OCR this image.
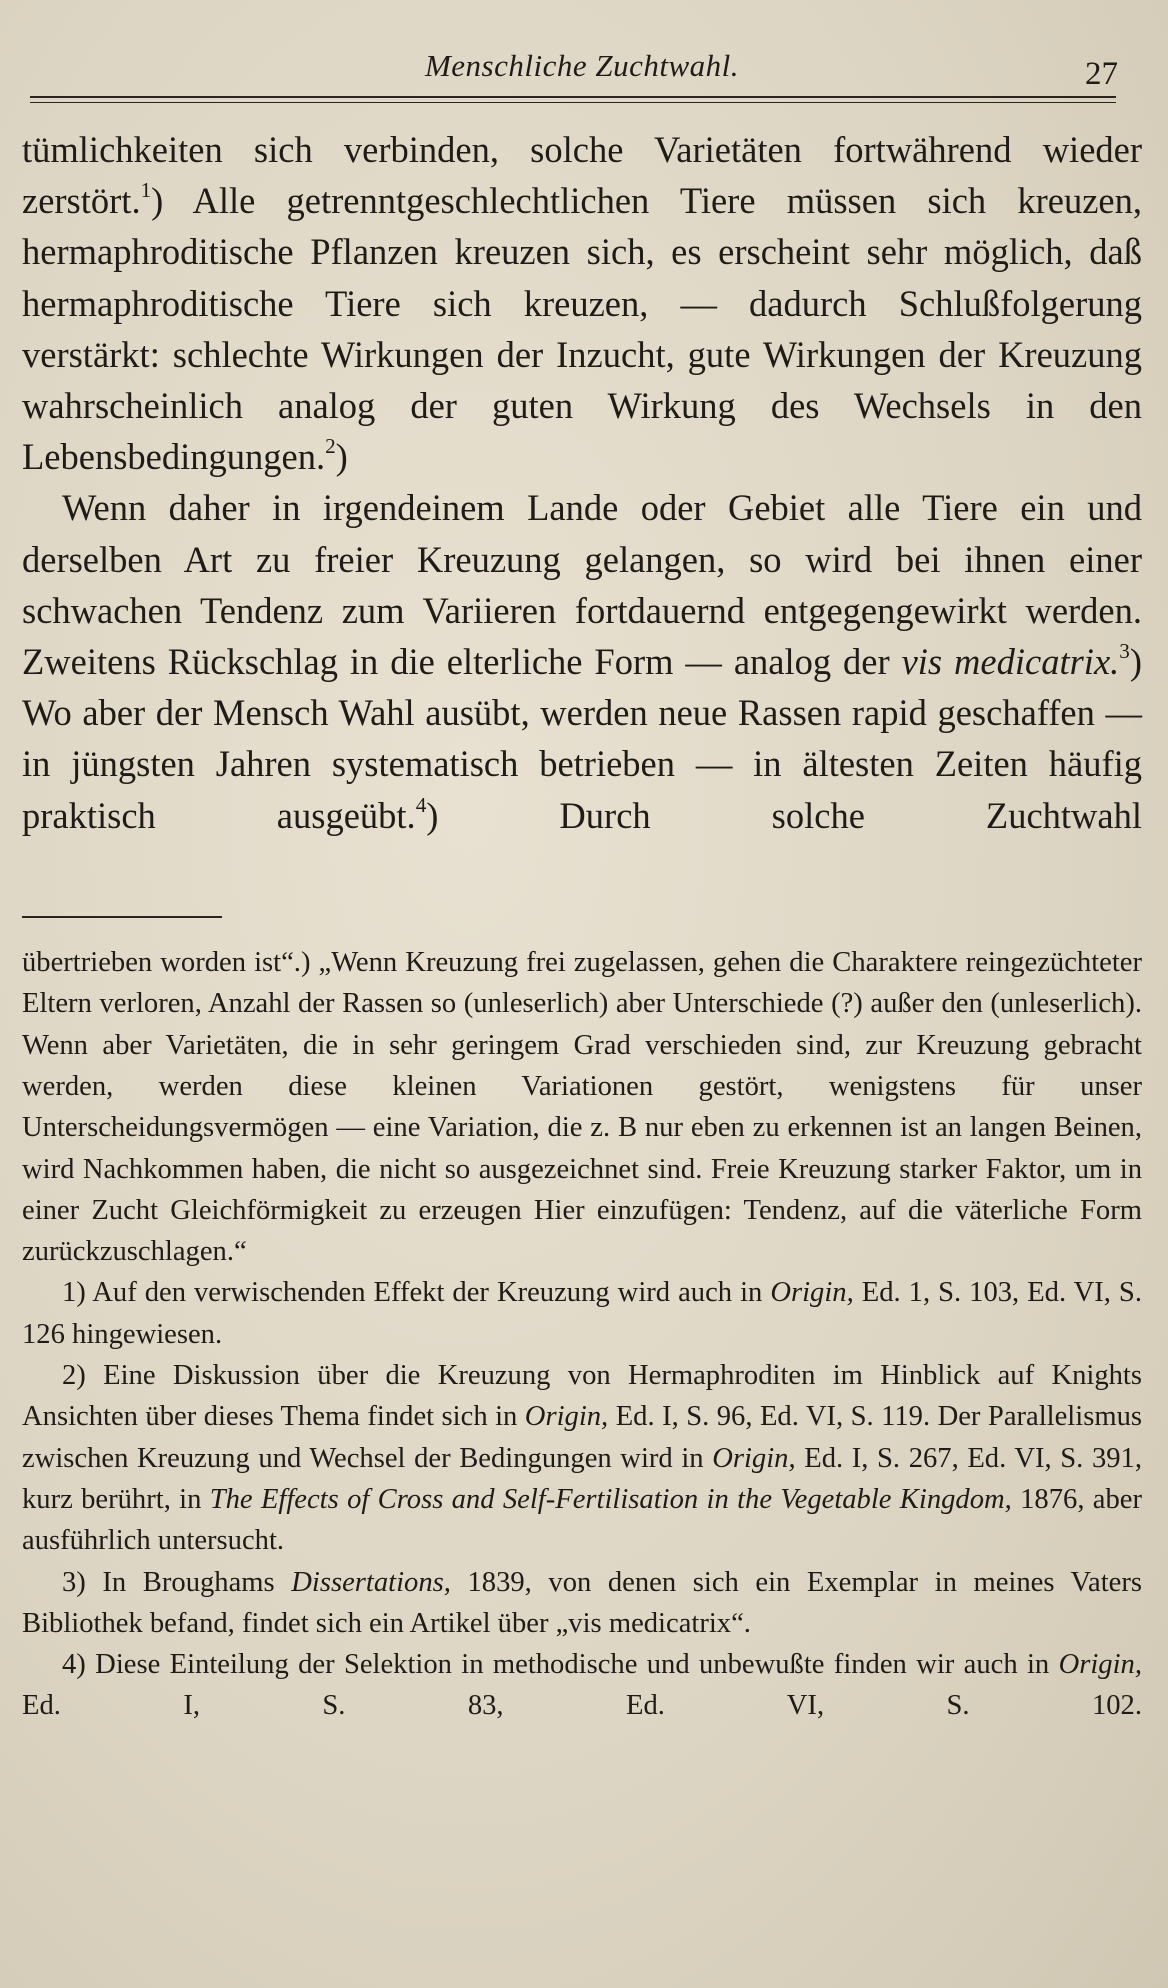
Menschliche Zuchtwahl.	27

tümlichkeiten sich verbinden, solche Varietäten fortwährend wieder zerstört.$^1$) Alle getrenntgeschlechtlichen Tiere müssen sich kreuzen, hermaphroditische Pflanzen kreuzen sich, es erscheint sehr möglich, daß hermaphroditische Tiere sich kreuzen, — dadurch Schlußfolgerung verstärkt: schlechte Wirkungen der Inzucht, gute Wirkungen der Kreuzung wahrscheinlich analog der guten Wirkung des Wechsels in den Lebensbedingungen.$^2$)

Wenn daher in irgendeinem Lande oder Gebiet alle Tiere ein und derselben Art zu freier Kreuzung gelangen, so wird bei ihnen einer schwachen Tendenz zum Variieren fortdauernd entgegengewirkt werden. Zweitens Rückschlag in die elterliche Form — analog der vis medicatrix.$^3$) Wo aber der Mensch Wahl ausübt, werden neue Rassen rapid geschaffen — in jüngsten Jahren systematisch betrieben — in ältesten Zeiten häufig praktisch ausgeübt.$^4$) Durch solche Zuchtwahl

übertrieben worden ist“.) „Wenn Kreuzung frei zugelassen, gehen die Charaktere reingezüchteter Eltern verloren, Anzahl der Rassen so (unleserlich) aber Unterschiede (?) außer den (unleserlich). Wenn aber Varietäten, die in sehr geringem Grad verschieden sind, zur Kreuzung gebracht werden, werden diese kleinen Variationen gestört, wenigstens für unser Unterscheidungsvermögen — eine Variation, die z. B nur eben zu erkennen ist an langen Beinen, wird Nachkommen haben, die nicht so ausgezeichnet sind. Freie Kreuzung starker Faktor, um in einer Zucht Gleichförmigkeit zu erzeugen Hier einzufügen: Tendenz, auf die väterliche Form zurückzuschlagen.“

1) Auf den verwischenden Effekt der Kreuzung wird auch in Origin, Ed. 1, S. 103, Ed. VI, S. 126 hingewiesen.

2) Eine Diskussion über die Kreuzung von Hermaphroditen im Hinblick auf Knights Ansichten über dieses Thema findet sich in Origin, Ed. I, S. 96, Ed. VI, S. 119. Der Parallelismus zwischen Kreuzung und Wechsel der Bedingungen wird in Origin, Ed. I, S. 267, Ed. VI, S. 391, kurz berührt, in The Effects of Cross and Self-Fertilisation in the Vegetable Kingdom, 1876, aber ausführlich untersucht.

3) In Broughams Dissertations, 1839, von denen sich ein Exemplar in meines Vaters Bibliothek befand, findet sich ein Artikel über „vis medicatrix“.

4) Diese Einteilung der Selektion in methodische und unbewußte finden wir auch in Origin, Ed. I, S. 83, Ed. VI, S. 102.
